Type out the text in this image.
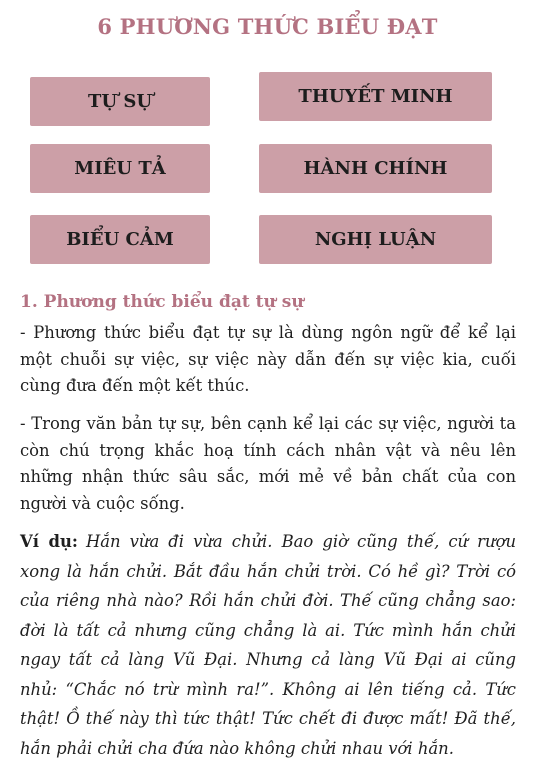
6 PHƯƠNG THỨC BIỂU ĐẠT
TỰ SỰ	THUYẾT MINH
MIÊU TẢ	HÀNH CHÍNH
BIỂU CẢM	NGHỊ LUẬN
1. Phương thức biểu đạt tự sự

- Phương thức biểu đạt tự sự là dùng ngôn ngữ để kể lại một chuỗi sự việc, sự việc này dẫn đến sự việc kia, cuối cùng đưa đến một kết thúc.

- Trong văn bản tự sự, bên cạnh kể lại các sự việc, người ta còn chú trọng khắc hoạ tính cách nhân vật và nêu lên những nhận thức sâu sắc, mới mẻ về bản chất của con người và cuộc sống.

Ví dụ: Hắn vừa đi vừa chửi. Bao giờ cũng thế, cứ rượu xong là hắn chửi. Bắt đầu hắn chửi trời. Có hề gì? Trời có của riêng nhà nào? Rồi hắn chửi đời. Thế cũng chẳng sao: đời là tất cả nhưng cũng chẳng là ai. Tức mình hắn chửi ngay tất cả làng Vũ Đại. Nhưng cả làng Vũ Đại ai cũng nhủ: “Chắc nó trừ mình ra!”. Không ai lên tiếng cả. Tức thật! Ồ thế này thì tức thật! Tức chết đi được mất! Đã thế, hắn phải chửi cha đứa nào không chửi nhau với hắn.
